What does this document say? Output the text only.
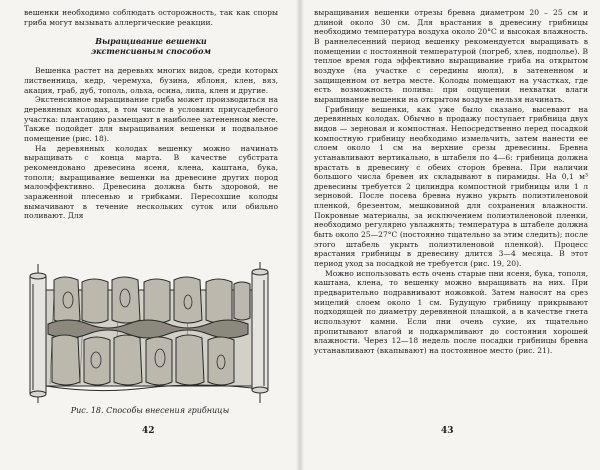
вешенки необходимо соблюдать осторожность, так как споры гриба могут вызывать аллергические реакции.

Выращивание вешенки
экстенсивным способом

Вешенка растет на деревьях многих видов, среди которых лиственница, кедр, черемуха, бузина, яблоня, клен, вяз, акация, граб, дуб, тополь, ольха, осина, липа, клен и другие.

Экстенсивное выращивание гриба может производиться на деревянных колодах, в том числе в условиях приусадебного участка: плантацию размещают в наиболее затененном месте. Также подойдет для выращивания вешенки и подвальное помещение (рис. 18).

На деревянных колодах вешенку можно начинать выращивать с конца марта. В качестве субстрата рекомендовано древесина ясеня, клена, каштана, бука, тополя; выращивание вешенки на древесине других пород малоэффективно. Древесина должна быть здоровой, не зараженной плесенью и грибками. Пересохшие колоды вымачивают в течение нескольких суток или обильно поливают. Для

Рис. 18. Способы внесения грибницы
42

выращивания вешенки отрезы бревна диаметром 20 – 25 см и длиной около 30 см. Для врастания в древесину грибницы необходимо температура воздуха около 20°С и высокая влажность. В раннелесенний период вешенку рекомендуется выращивать в помещении с постоянной температурой (погреб, хлев, подполье). В теплое время года эффективно выращивание гриба на открытом воздухе (на участке с середины июля), в затененном и защищенном от ветра месте. Колоды помещают на участках, где есть возможность полива: при ощущении нехватки влаги выращивание вешенки на открытом воздухе нельзя начинать.

Грибницу вешенки, как уже было сказано, высевают на деревянных колодах. Обычно в продажу поступает грибница двух видов — зерновая и компостная. Непосредственно перед посадкой компостную грибницу необходимо измельчить, затем нанести ее слоем около 1 см на верхние срезы древесины. Бревна устанавливают вертикально, в штабеля по 4—6: грибница должна врастать в древесину с обеих сторон бревна. При наличии большого числа бревен их складывают в пирамиды. На 0,1 м³ древесины требуется 2 цилиндра компостной грибницы или 1 л зерновой. После посева бревна нужно укрыть полиэтиленовой пленкой, брезентом, мешковиной для сохранения влажности. Покровные материалы, за исключением полиэтиленовой пленки, необходимо регулярно увлажнять; температура в штабеле должна быть около 25—27°С (постоянно тщательно за этим следить); после этого штабель укрыть полиэтиленовой пленкой). Процесс врастания грибницы в древесину длится 3—4 месяца. В этот период уход за посадкой не требуется (рис. 19, 20).

Можно использовать есть очень старые пни ясеня, бука, тополя, каштана, клена, то вешенку можно выращивать на них. При предварительно подравнивают ножовкой. Затем наносят на срез мицелий слоем около 1 см. Будущую грибницу прикрывают подходящей по диаметру деревянной плашкой, а в качестве гнета используют камни. Если пни очень сухие, их тщательно пропитывают влагой и подкармливают до состояния хорошей влажности. Через 12—18 недель после посадки грибницы бревна устанавливают (вкапывают) на постоянное место (рис. 21).

43
